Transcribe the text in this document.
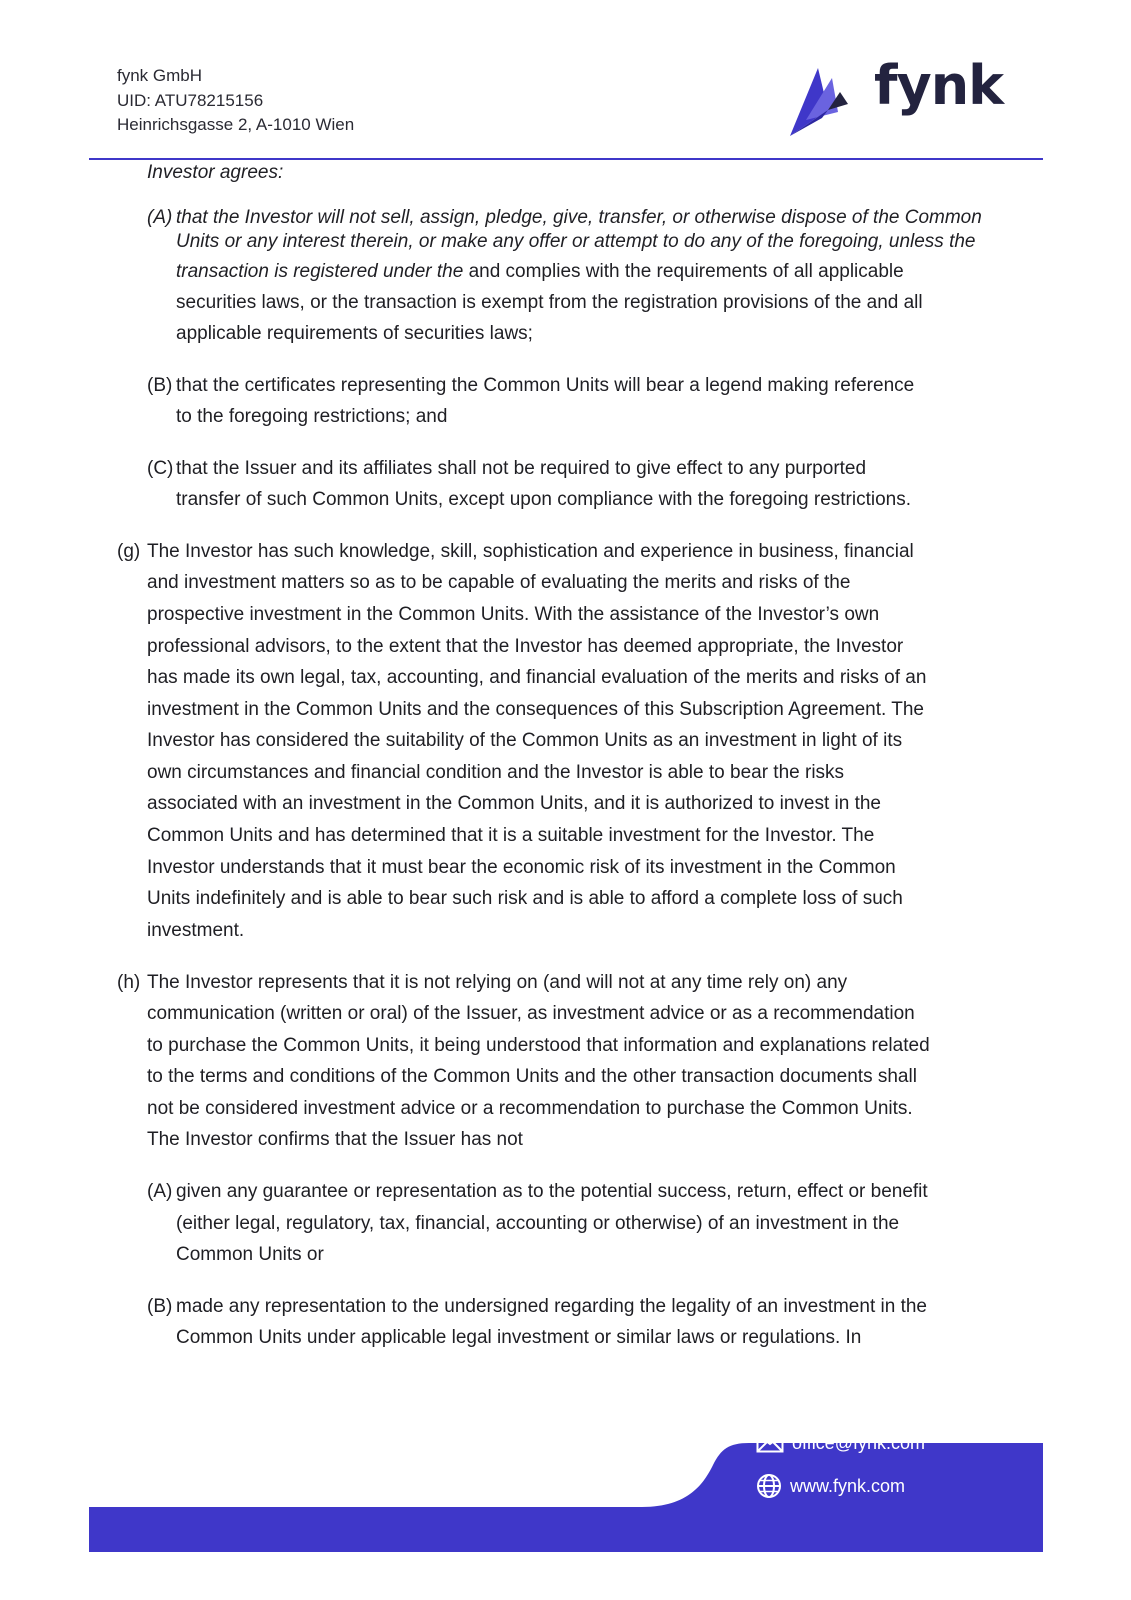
fynk GmbH
UID: ATU78215156
Heinrichsgasse 2, A-1010 Wien
fynk
Investor agrees:
(A) that the Investor will not sell, assign, pledge, give, transfer, or otherwise dispose of the Common
Units or any interest therein, or make any offer or attempt to do any of the foregoing, unless the
transaction is registered under the and complies with the requirements of all applicable
securities laws, or the transaction is exempt from the registration provisions of the and all
applicable requirements of securities laws;
(B) that the certificates representing the Common Units will bear a legend making reference
to the foregoing restrictions; and
(C) that the Issuer and its affiliates shall not be required to give effect to any purported
transfer of such Common Units, except upon compliance with the foregoing restrictions.
(g) The Investor has such knowledge, skill, sophistication and experience in business, financial
and investment matters so as to be capable of evaluating the merits and risks of the
prospective investment in the Common Units. With the assistance of the Investor’s own
professional advisors, to the extent that the Investor has deemed appropriate, the Investor
has made its own legal, tax, accounting, and financial evaluation of the merits and risks of an
investment in the Common Units and the consequences of this Subscription Agreement. The
Investor has considered the suitability of the Common Units as an investment in light of its
own circumstances and financial condition and the Investor is able to bear the risks
associated with an investment in the Common Units, and it is authorized to invest in the
Common Units and has determined that it is a suitable investment for the Investor. The
Investor understands that it must bear the economic risk of its investment in the Common
Units indefinitely and is able to bear such risk and is able to afford a complete loss of such
investment.
(h) The Investor represents that it is not relying on (and will not at any time rely on) any
communication (written or oral) of the Issuer, as investment advice or as a recommendation
to purchase the Common Units, it being understood that information and explanations related
to the terms and conditions of the Common Units and the other transaction documents shall
not be considered investment advice or a recommendation to purchase the Common Units.
The Investor confirms that the Issuer has not
(A) given any guarantee or representation as to the potential success, return, effect or benefit
(either legal, regulatory, tax, financial, accounting or otherwise) of an investment in the
Common Units or
(B) made any representation to the undersigned regarding the legality of an investment in the
Common Units under applicable legal investment or similar laws or regulations. In
office@fynk.com
www.fynk.com
